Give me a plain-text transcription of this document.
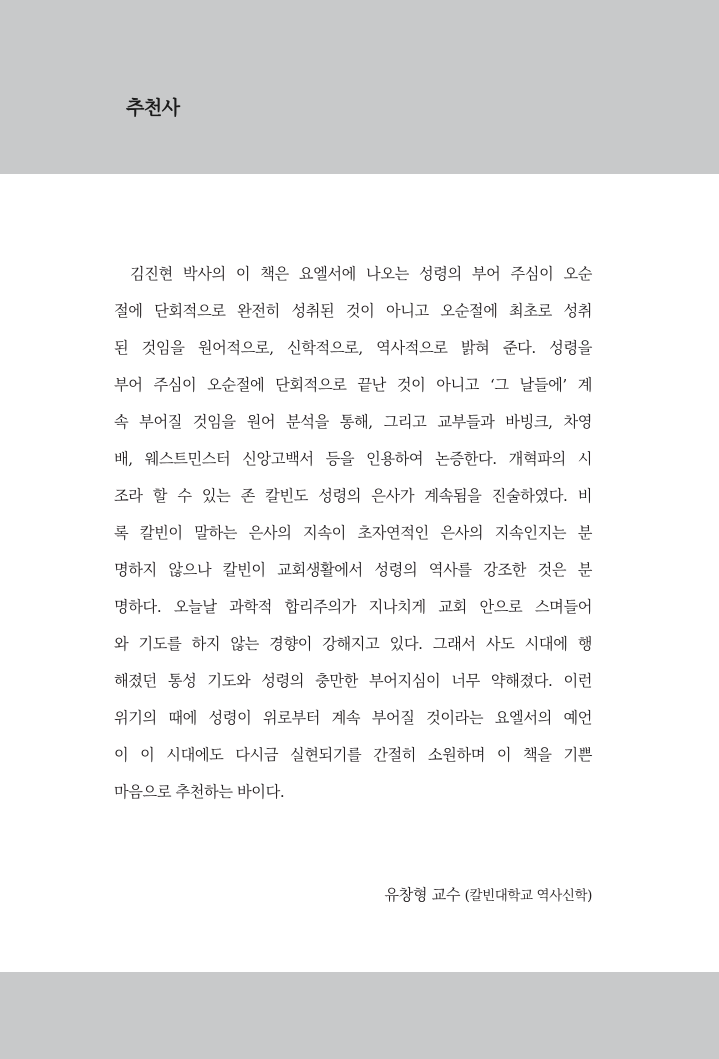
추천사
김진현 박사의 이 책은 요엘서에 나오는 성령의 부어 주심이 오순
절에 단회적으로 완전히 성취된 것이 아니고 오순절에 최초로 성취
된 것임을 원어적으로, 신학적으로, 역사적으로 밝혀 준다. 성령을
부어 주심이 오순절에 단회적으로 끝난 것이 아니고 ‘그 날들에’ 계
속 부어질 것임을 원어 분석을 통해, 그리고 교부들과 바빙크, 차영
배, 웨스트민스터 신앙고백서 등을 인용하여 논증한다. 개혁파의 시
조라 할 수 있는 존 칼빈도 성령의 은사가 계속됨을 진술하였다. 비
록 칼빈이 말하는 은사의 지속이 초자연적인 은사의 지속인지는 분
명하지 않으나 칼빈이 교회생활에서 성령의 역사를 강조한 것은 분
명하다. 오늘날 과학적 합리주의가 지나치게 교회 안으로 스며들어
와 기도를 하지 않는 경향이 강해지고 있다. 그래서 사도 시대에 행
해졌던 통성 기도와 성령의 충만한 부어지심이 너무 약해졌다. 이런
위기의 때에 성령이 위로부터 계속 부어질 것이라는 요엘서의 예언
이 이 시대에도 다시금 실현되기를 간절히 소원하며 이 책을 기쁜
마음으로 추천하는 바이다.

유창형 교수 (칼빈대학교 역사신학)
